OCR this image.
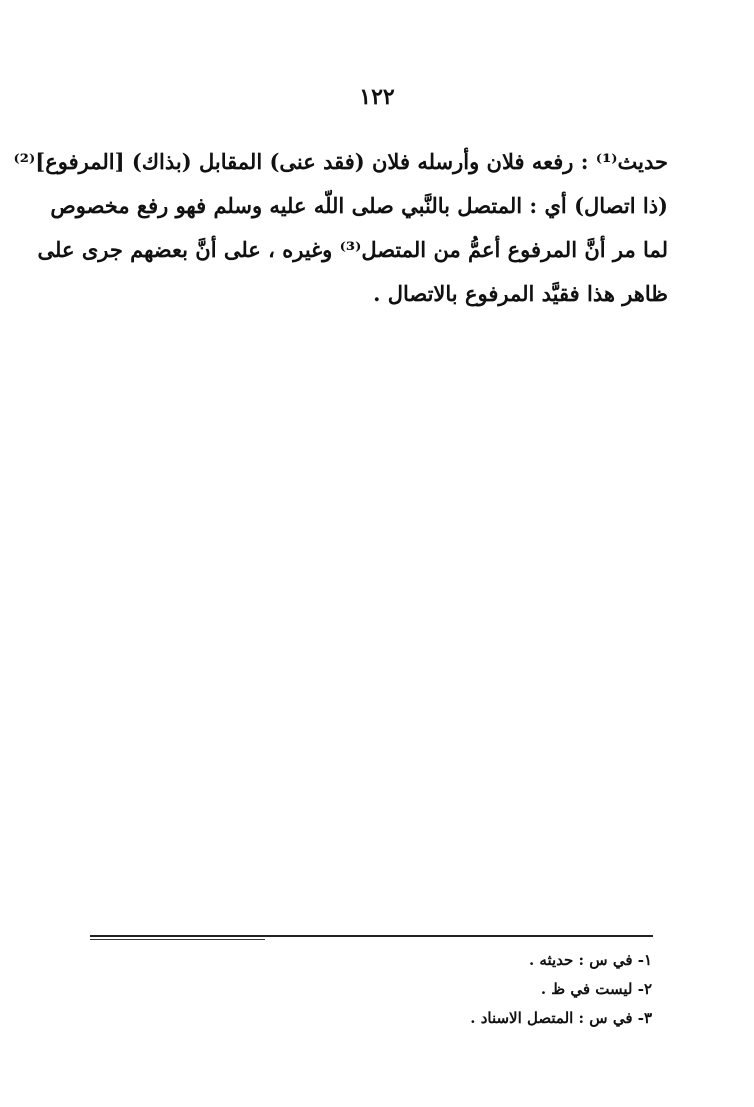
١٢٢
حديث⁽¹⁾ : رفعه فلان وأرسله فلان (فقد عنى) المقابل (بذاك) [المرفوع]⁽²⁾
(ذا اتصال) أي : المتصل بالنَّبي صلى اللّه عليه وسلم فهو رفع مخصوص
لما مر أنَّ المرفوع أعمُّ من المتصل⁽³⁾ وغيره ، على أنَّ بعضهم جرى على
ظاهر هذا فقيَّد المرفوع بالاتصال .
١- في س : حديثه .
٢- ليست في ظ .
٣- في س : المتصل الاسناد .
